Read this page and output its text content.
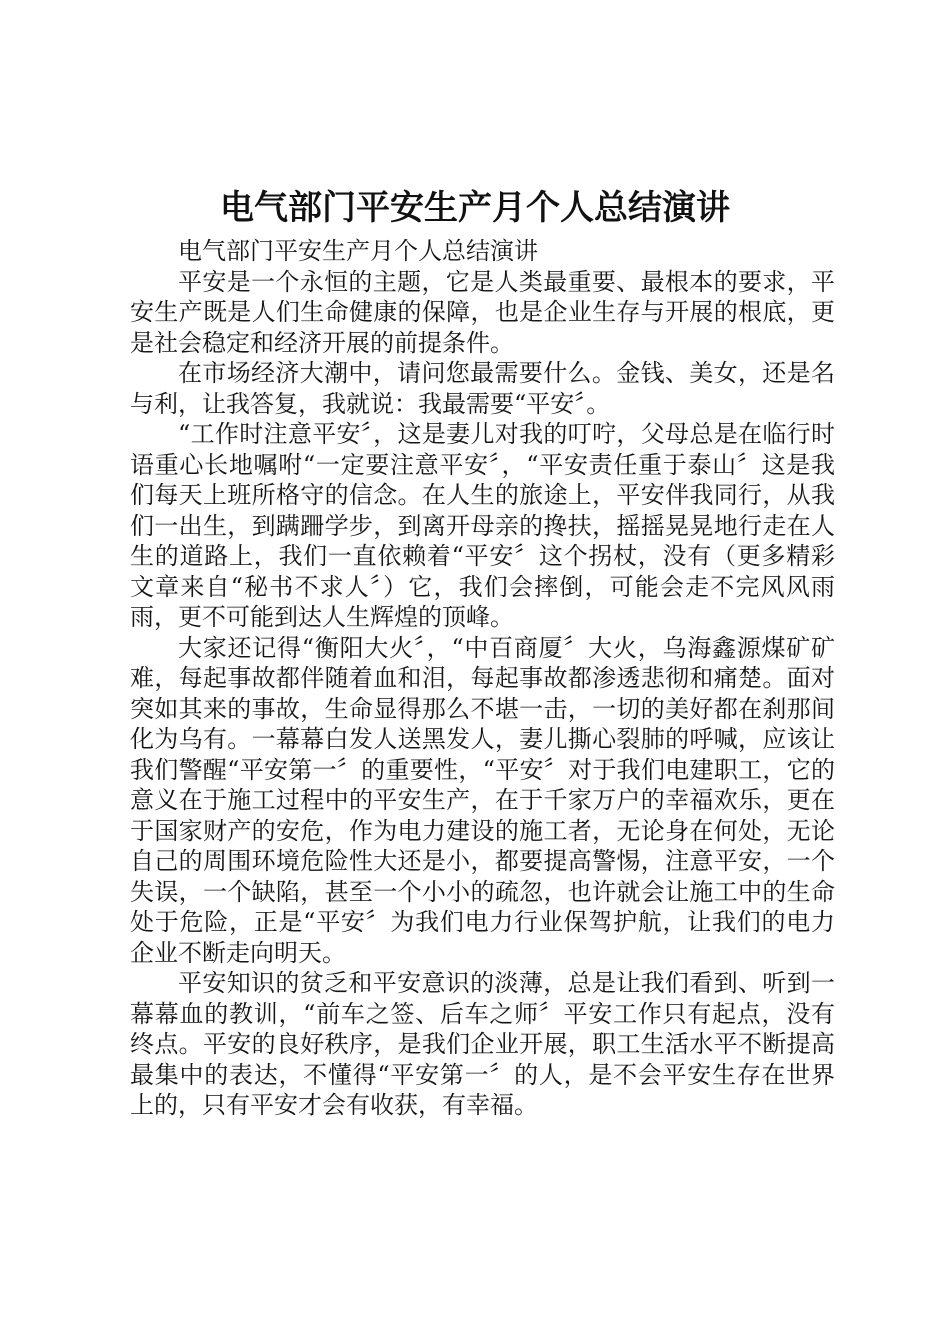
电气部门平安生产月个人总结演讲

电气部门平安生产月个人总结演讲

平安是一个永恒的主题，它是人类最重要、最根本的要求，平安生产既是人们生命健康的保障，也是企业生存与开展的根底，更是社会稳定和经济开展的前提条件。

在市场经济大潮中，请问您最需要什么。金钱、美女，还是名与利，让我答复，我就说：我最需要“平安〞。

“工作时注意平安〞，这是妻儿对我的叮咛，父母总是在临行时语重心长地嘱咐“一定要注意平安〞，“平安责任重于泰山〞这是我们每天上班所格守的信念。在人生的旅途上，平安伴我同行，从我们一出生，到蹒跚学步，到离开母亲的搀扶，摇摇晃晃地行走在人生的道路上，我们一直依赖着“平安〞这个拐杖，没有（更多精彩文章来自“秘书不求人〞）它，我们会摔倒，可能会走不完风风雨雨，更不可能到达人生辉煌的顶峰。

大家还记得“衡阳大火〞，“中百商厦〞大火，乌海鑫源煤矿矿难，每起事故都伴随着血和泪，每起事故都渗透悲彻和痛楚。面对突如其来的事故，生命显得那么不堪一击，一切的美好都在刹那间化为乌有。一幕幕白发人送黑发人，妻儿撕心裂肺的呼喊，应该让我们警醒“平安第一〞的重要性，“平安〞对于我们电建职工，它的意义在于施工过程中的平安生产，在于千家万户的幸福欢乐，更在于国家财产的安危，作为电力建设的施工者，无论身在何处，无论自己的周围环境危险性大还是小，都要提高警惕，注意平安，一个失误，一个缺陷，甚至一个小小的疏忽，也许就会让施工中的生命处于危险，正是“平安〞为我们电力行业保驾护航，让我们的电力企业不断走向明天。

平安知识的贫乏和平安意识的淡薄，总是让我们看到、听到一幕幕血的教训，“前车之签、后车之师〞平安工作只有起点，没有终点。平安的良好秩序，是我们企业开展，职工生活水平不断提高最集中的表达，不懂得“平安第一〞的人，是不会平安生存在世界上的，只有平安才会有收获，有幸福。
